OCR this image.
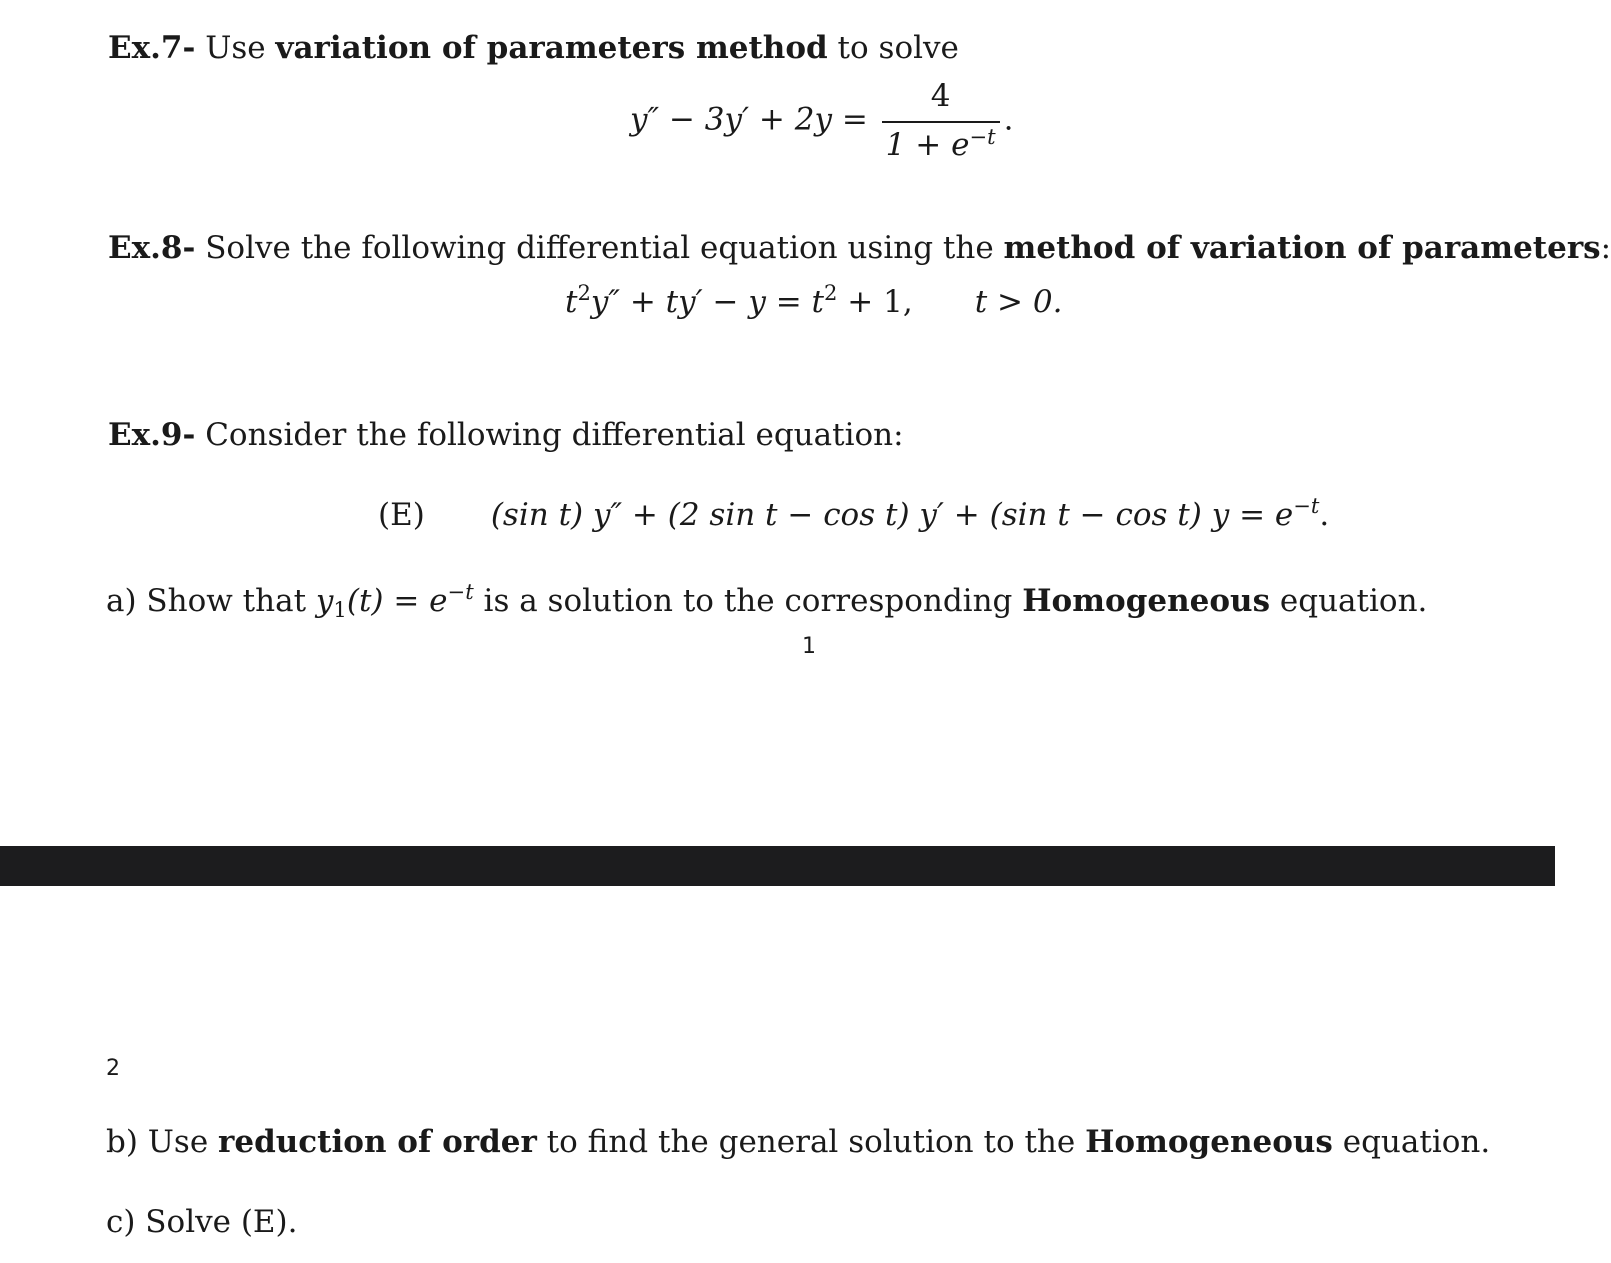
Ex.7- Use variation of parameters method to solve
$y'' - 3y' + 2y = \frac{4}{1 + e^{-t}}$ .
Ex.8- Solve the following differential equation using the method of variation of parameters:
$t^2y'' + ty' - y = t^2 + 1$, t > 0.
Ex.9- Consider the following differential equation:
(E) (sin t) y″ + (2 sin t − cos t) y′ + (sin t − cos t) $y = e^{-t}$.
a) Show that $y_1(t) = e^{-t}$ is a solution to the corresponding Homogeneous equation.
1
2
b) Use reduction of order to find the general solution to the Homogeneous equation.
c) Solve (E).
